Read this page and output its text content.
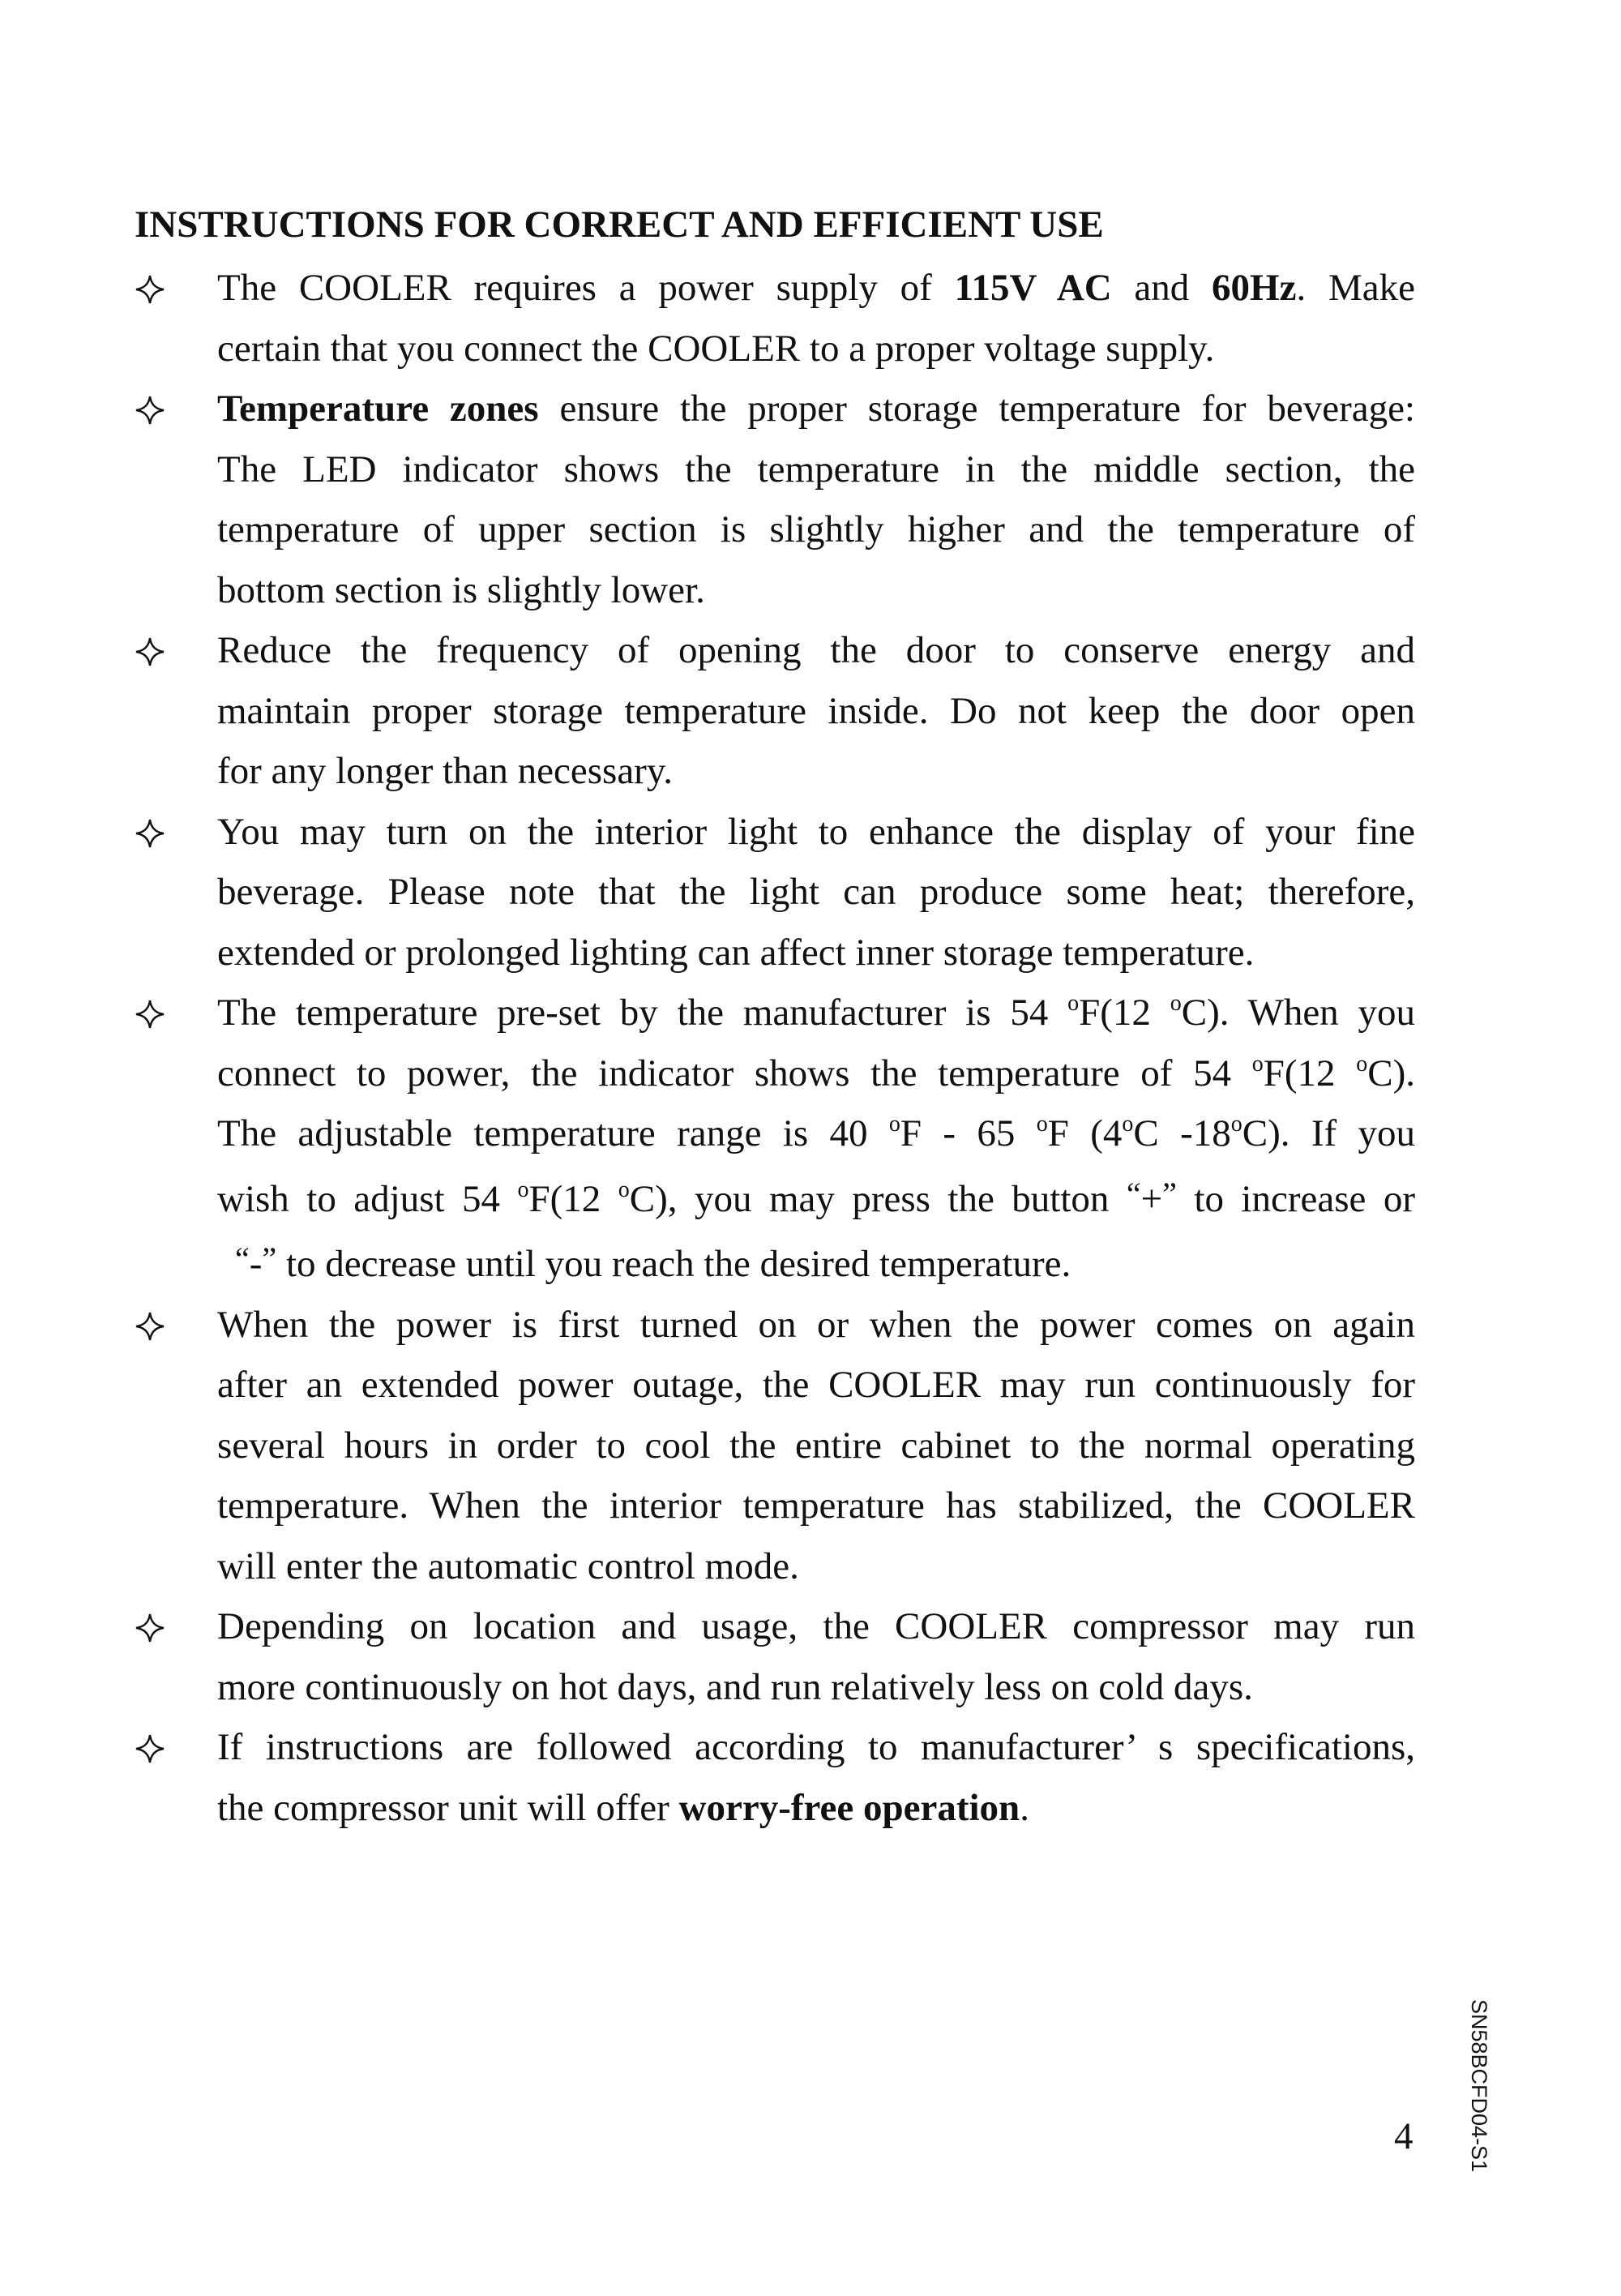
INSTRUCTIONS FOR CORRECT AND EFFICIENT USE
The COOLER requires a power supply of 115V AC and 60Hz. Make
certain that you connect the COOLER to a proper voltage supply.
Temperature zones ensure the proper storage temperature for beverage:
The LED indicator shows the temperature in the middle section, the
temperature of upper section is slightly higher and the temperature of
bottom section is slightly lower.
Reduce the frequency of opening the door to conserve energy and
maintain proper storage temperature inside. Do not keep the door open
for any longer than necessary.
You may turn on the interior light to enhance the display of your fine
beverage. Please note that the light can produce some heat; therefore,
extended or prolonged lighting can affect inner storage temperature.
The temperature pre-set by the manufacturer is 54 $^o$F(12 $^o$C). When you
connect to power, the indicator shows the temperature of 54 $^o$F(12 $^o$C).
The adjustable temperature range is 40 $^o$F - 65 $^o$F (4$^o$C -18$^o$C). If you
wish to adjust 54 $^o$F(12 $^o$C), you may press the button “+” to increase or
“-” to decrease until you reach the desired temperature.
When the power is first turned on or when the power comes on again
after an extended power outage, the COOLER may run continuously for
several hours in order to cool the entire cabinet to the normal operating
temperature. When the interior temperature has stabilized, the COOLER
will enter the automatic control mode.
Depending on location and usage, the COOLER compressor may run
more continuously on hot days, and run relatively less on cold days.
If instructions are followed according to manufacturer’ s specifications,
the compressor unit will offer worry-free operation.
SN58BCFD04-S1
4
